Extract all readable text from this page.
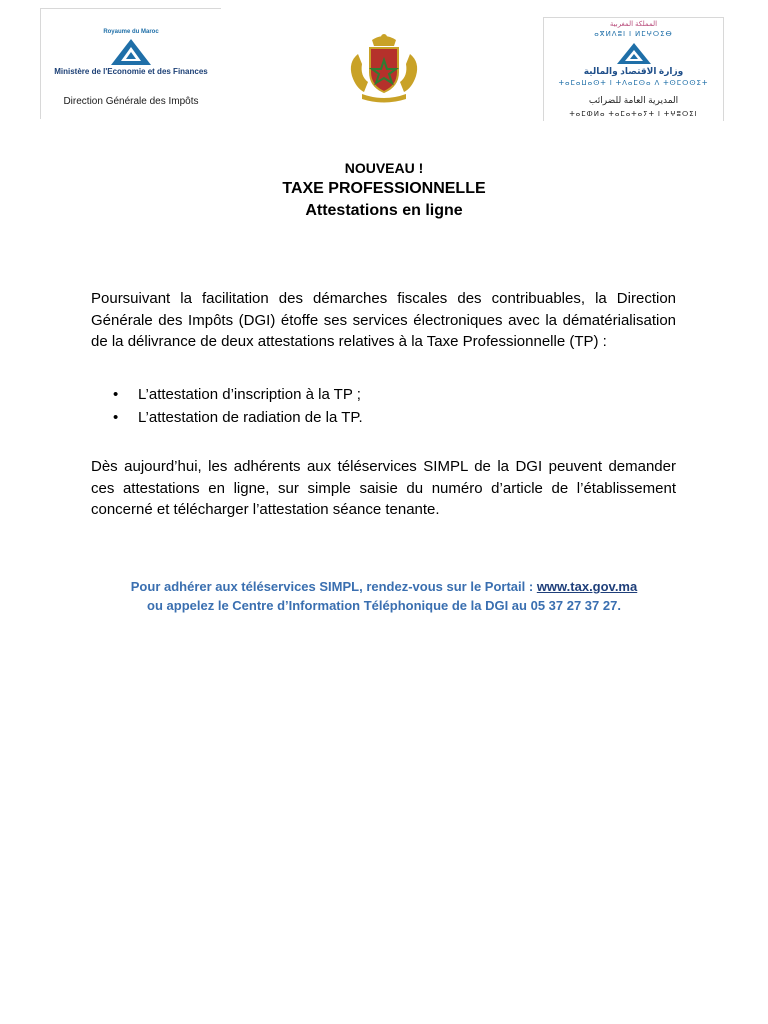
Royaume du Maroc
Ministère de l'Economie et des Finances
Direction Générale des Impôts
المملكة المغربية
ⴰⴳⵍⴷⵓⵏ ⵏ ⵍⵎⵖⵔⵉⴱ
وزارة الاقتصاد والمالية
ⵜⴰⵎⴰⵡⴰⵙⵜ ⵏ ⵜⴷⴰⵎⵙⴰ ⴷ ⵜⵙⵎⵔⵙⵉⵜ
المديرية العامة للضرائب
ⵜⴰⵎⵀⵍⴰ ⵜⴰⵎⴰⵜⴰⵢⵜ ⵏ ⵜⵖⵓⵔⵉⵏ
NOUVEAU !
TAXE PROFESSIONNELLE
Attestations en ligne
Poursuivant la facilitation des démarches fiscales des contribuables, la Direction Générale des Impôts (DGI) étoffe ses services électroniques avec la dématérialisation de la délivrance de deux attestations relatives à la Taxe Professionnelle (TP) :
• L’attestation d’inscription à la TP ;
• L’attestation de radiation de la TP.
Dès aujourd’hui, les adhérents aux téléservices SIMPL de la DGI peuvent demander ces attestations en ligne, sur simple saisie du numéro d’article de l’établissement concerné et télécharger l’attestation séance tenante.
Pour adhérer aux téléservices SIMPL, rendez-vous sur le Portail : www.tax.gov.ma
ou appelez le Centre d’Information Téléphonique de la DGI au 05 37 27 37 27.
